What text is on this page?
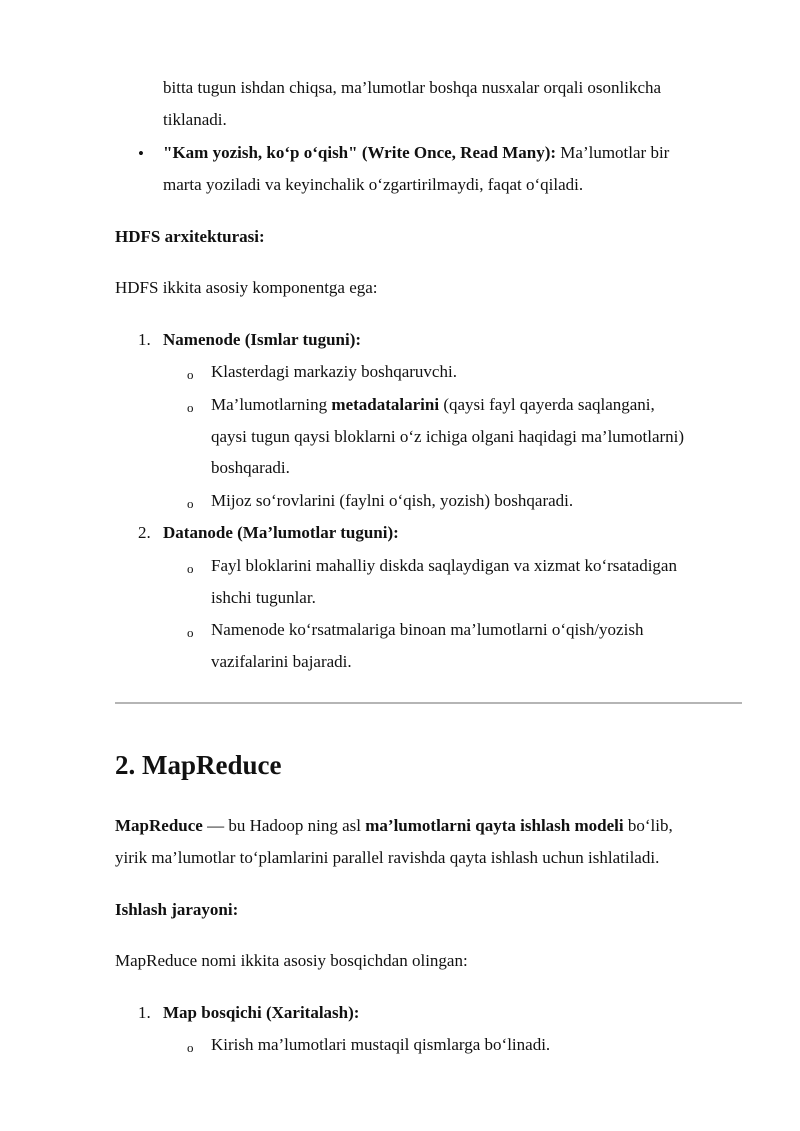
bitta tugun ishdan chiqsa, ma’lumotlar boshqa nusxalar orqali osonlikcha
tiklanadi.
• "Kam yozish, ko‘p o‘qish" (Write Once, Read Many): Ma’lumotlar bir
marta yoziladi va keyinchalik o‘zgartirilmaydi, faqat o‘qiladi.
HDFS arxitekturasi:
HDFS ikkita asosiy komponentga ega:
1. Namenode (Ismlar tuguni):
o Klasterdagi markaziy boshqaruvchi.
o Ma’lumotlarning metadatalarini (qaysi fayl qayerda saqlangani,
qaysi tugun qaysi bloklarni o‘z ichiga olgani haqidagi ma’lumotlarni)
boshqaradi.
o Mijoz so‘rovlarini (faylni o‘qish, yozish) boshqaradi.
2. Datanode (Ma’lumotlar tuguni):
o Fayl bloklarini mahalliy diskda saqlaydigan va xizmat ko‘rsatadigan
ishchi tugunlar.
o Namenode ko‘rsatmalariga binoan ma’lumotlarni o‘qish/yozish
vazifalarini bajaradi.
2. MapReduce
MapReduce — bu Hadoop ning asl ma’lumotlarni qayta ishlash modeli bo‘lib,
yirik ma’lumotlar to‘plamlarini parallel ravishda qayta ishlash uchun ishlatiladi.
Ishlash jarayoni:
MapReduce nomi ikkita asosiy bosqichdan olingan:
1. Map bosqichi (Xaritalash):
o Kirish ma’lumotlari mustaqil qismlarga bo‘linadi.
